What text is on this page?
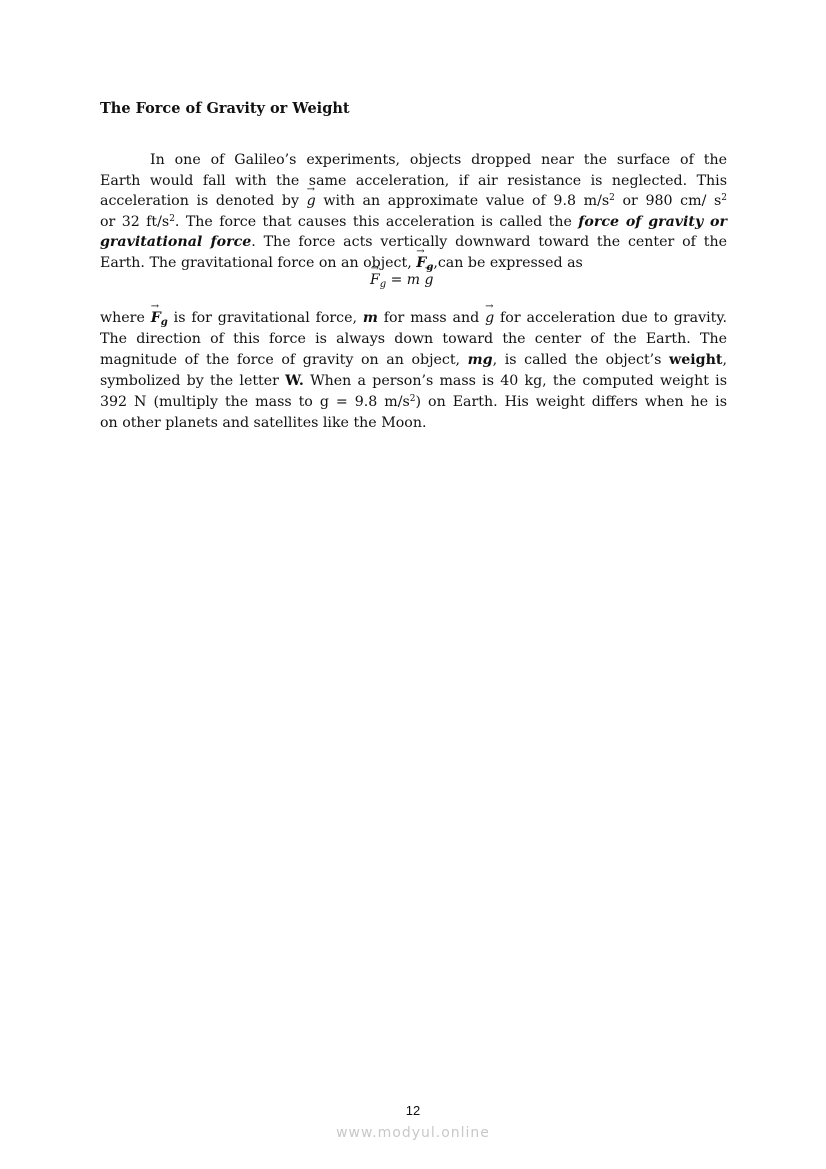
The Force of Gravity or Weight
In one of Galileo’s experiments, objects dropped near the surface of the
Earth would fall with the same acceleration, if air resistance is neglected. This
acceleration is denoted by → g with an approximate value of 9.8 $m/s^2$ or 980 cm/ $s^2$
or 32 $ft/s^2$. The force that causes this acceleration is called the force of gravity or
gravitational force. The force acts vertically downward toward the center of the
Earth. The gravitational force on an object, → $F_g,can$ be expressed as
→ $F_g = m \to g$
where → $F_g$ is for gravitational force, m for mass and → g for acceleration due to gravity.
The direction of this force is always down toward the center of the Earth. The
magnitude of the force of gravity on an object, mg, is called the object’s weight,
symbolized by the letter W. When a person’s mass is 40 kg, the computed weight is
392 N (multiply the mass to g = 9.8 $m/s^2$) on Earth. His weight differs when he is
on other planets and satellites like the Moon.
12
www.modyul.online
